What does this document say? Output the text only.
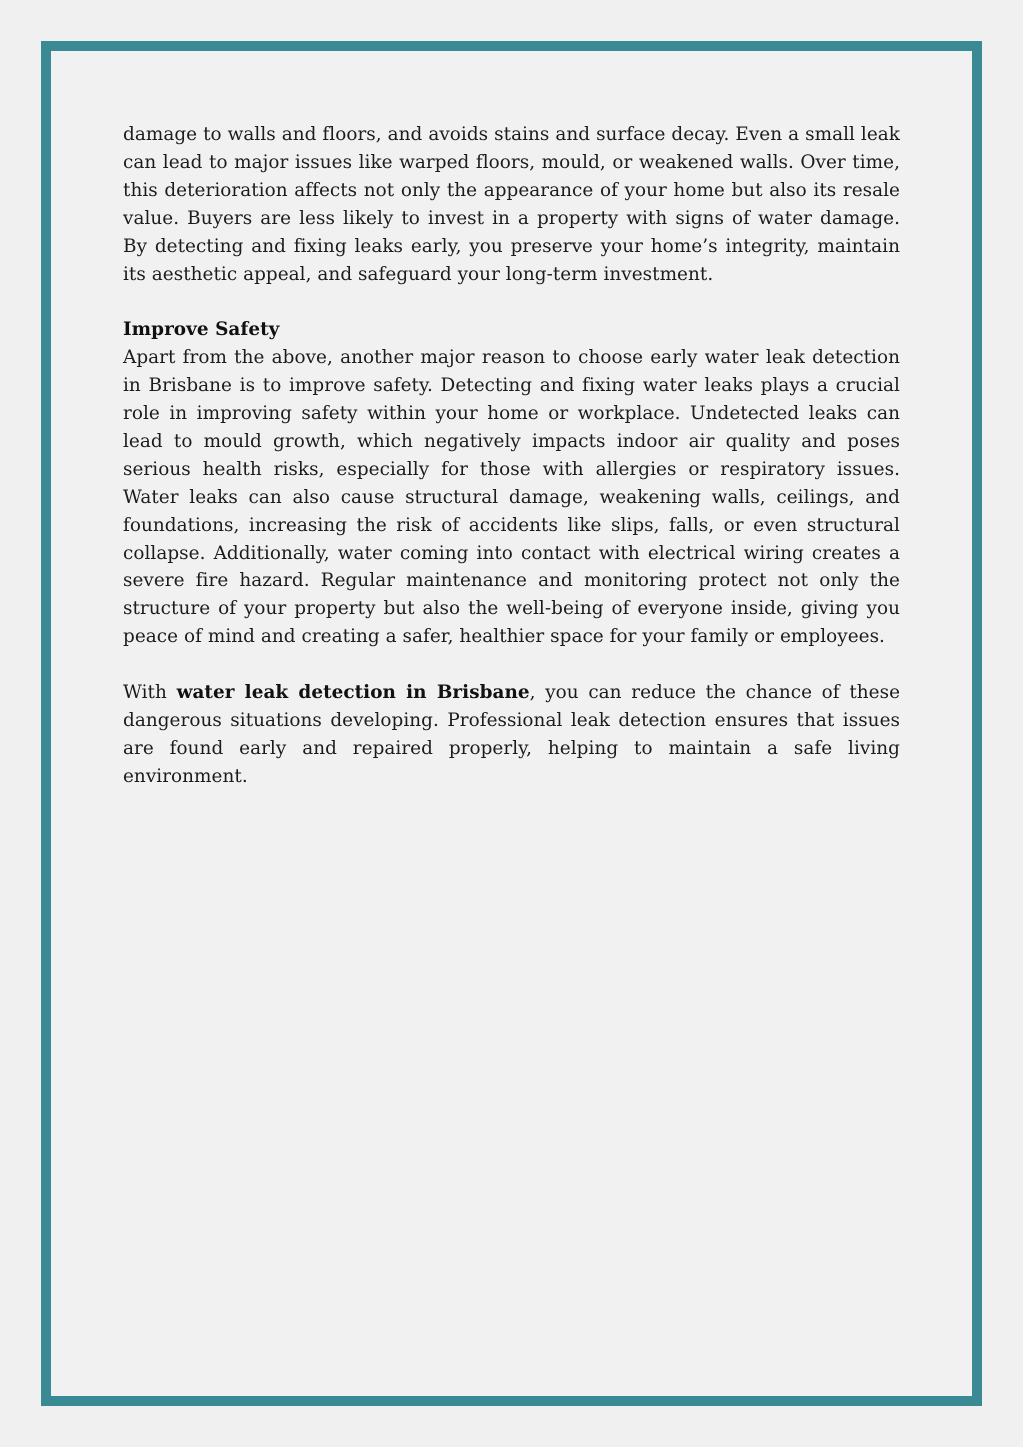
damage to walls and floors, and avoids stains and surface decay. Even a small leak can lead to major issues like warped floors, mould, or weakened walls. Over time, this deterioration affects not only the appearance of your home but also its resale value. Buyers are less likely to invest in a property with signs of water damage. By detecting and fixing leaks early, you preserve your home’s integrity, maintain its aesthetic appeal, and safeguard your long-term investment.

Improve Safety

Apart from the above, another major reason to choose early water leak detection in Brisbane is to improve safety. Detecting and fixing water leaks plays a crucial role in improving safety within your home or workplace. Undetected leaks can lead to mould growth, which negatively impacts indoor air quality and poses serious health risks, especially for those with allergies or respiratory issues. Water leaks can also cause structural damage, weakening walls, ceilings, and foundations, increasing the risk of accidents like slips, falls, or even structural collapse. Additionally, water coming into contact with electrical wiring creates a severe fire hazard. Regular maintenance and monitoring protect not only the structure of your property but also the well-being of everyone inside, giving you peace of mind and creating a safer, healthier space for your family or employees.

With water leak detection in Brisbane, you can reduce the chance of these dangerous situations developing. Professional leak detection ensures that issues are found early and repaired properly, helping to maintain a safe living environment.
